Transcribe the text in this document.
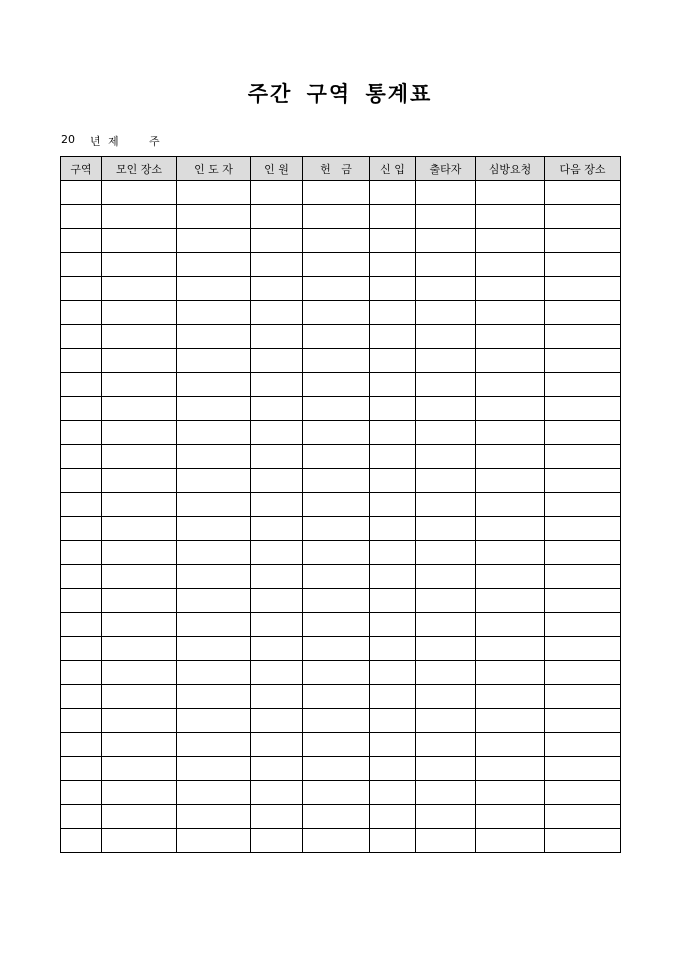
주간 구역 통계표
20 년 제	주
구역	모인 장소	인 도 자	인 원	헌   금	신 입	출타자	심방요청	다음 장소
